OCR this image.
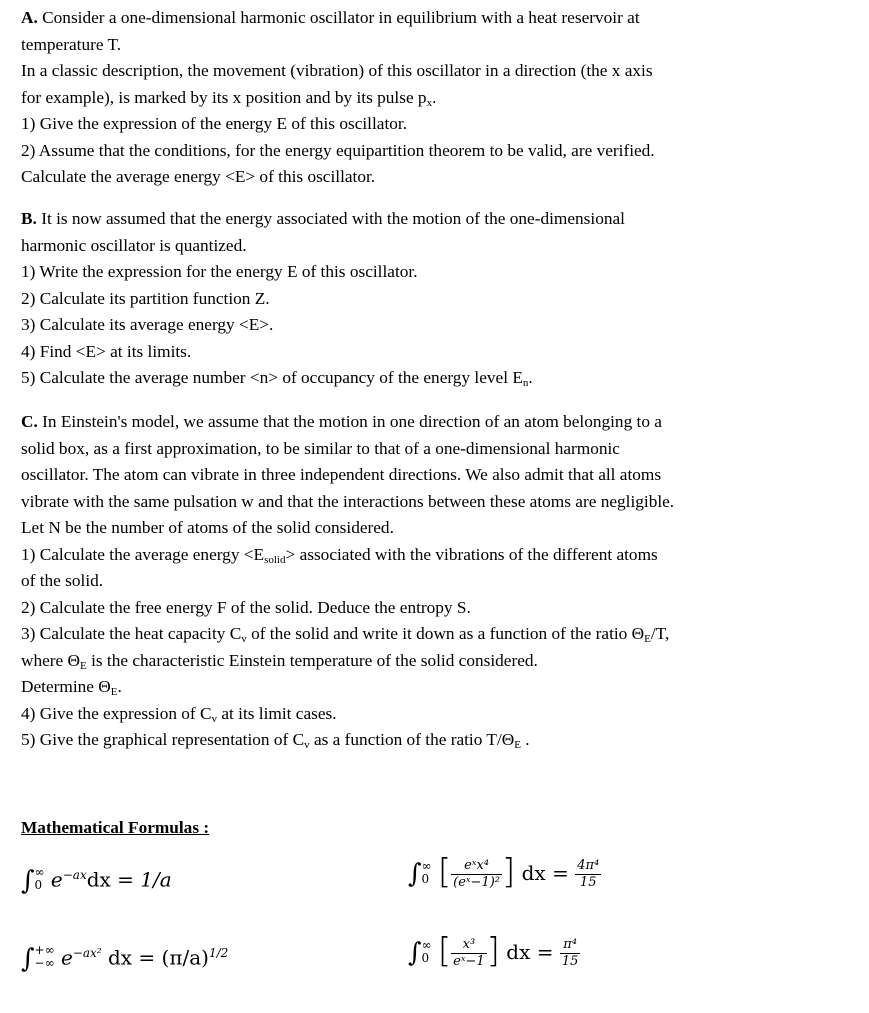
A. Consider a one-dimensional harmonic oscillator in equilibrium with a heat reservoir at
temperature T.
In a classic description, the movement (vibration) of this oscillator in a direction (the x axis
for example), is marked by its x position and by its pulse $p_x$.
1) Give the expression of the energy E of this oscillator.
2) Assume that the conditions, for the energy equipartition theorem to be valid, are verified.
Calculate the average energy <E> of this oscillator.
B. It is now assumed that the energy associated with the motion of the one-dimensional
harmonic oscillator is quantized.
1) Write the expression for the energy E of this oscillator.
2) Calculate its partition function Z.
3) Calculate its average energy <E>.
4) Find <E> at its limits.
5) Calculate the average number <n> of occupancy of the energy level $E_n$.
C. In Einstein's model, we assume that the motion in one direction of an atom belonging to a
solid box, as a first approximation, to be similar to that of a one-dimensional harmonic
oscillator. The atom can vibrate in three independent directions. We also admit that all atoms
vibrate with the same pulsation w and that the interactions between these atoms are negligible.
Let N be the number of atoms of the solid considered.
1) Calculate the average energy $<E_{solid}>$ associated with the vibrations of the different atoms
of the solid.
2) Calculate the free energy F of the solid. Deduce the entropy S.
3) Calculate the heat capacity $C_v$ of the solid and write it down as a function of the ratio $\Theta_E/T$,
where $\Theta_E$ is the characteristic Einstein temperature of the solid considered.
Determine $\Theta_E$.
4) Give the expression of $C_v$ at its limit cases.
5) Give the graphical representation of $C_v$ as a function of the ratio $T/\Theta_E$ .
Mathematical Formulas :
∫ ∞
0 $e^{-ax}dx = 1/a$
∫ +∞
−∞ $e^{-ax^2}$ dx = $(\pi/a)^{1/2}$
∫ ∞
0 [ $\frac{\text{eˣx⁴}}{\text{(eˣ−1)²}}$ ] dx = $\frac{\text{4π⁴}}{15}$
∫ ∞
0 [ $\frac{\text{x³}}{\text{eˣ−1}}$ ] dx = $\frac{\text{π⁴}}{15}$
